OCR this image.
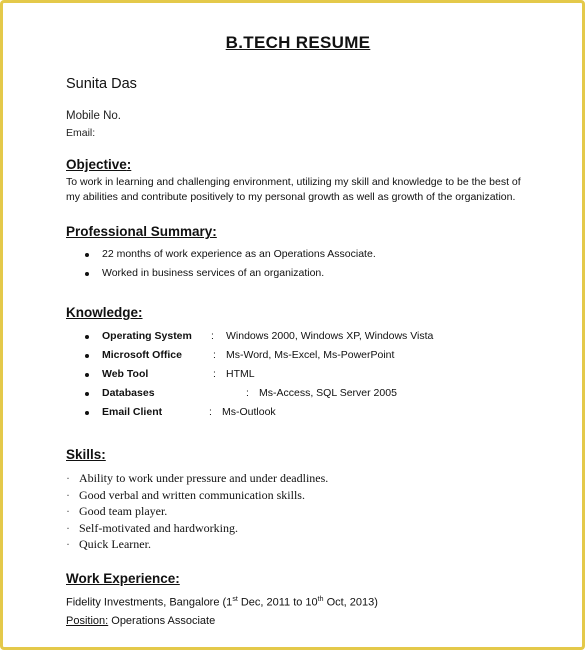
B.TECH RESUME
Sunita Das
Mobile No.
Email:
Objective:
To work in learning and challenging environment, utilizing my skill and knowledge to be the best of
my abilities and contribute positively to my personal growth as well as growth of the organization.
Professional Summary:
22 months of work experience as an Operations Associate.
Worked in business services of an organization.
Knowledge:
Operating System : Windows 2000, Windows XP, Windows Vista
Microsoft Office	: Ms-Word, Ms-Excel, Ms-PowerPoint
Web Tool	: HTML
Databases	: Ms-Access, SQL Server 2005
Email Client	: Ms-Outlook
Skills:
· Ability to work under pressure and under deadlines.
· Good verbal and written communication skills.
· Good team player.
· Self-motivated and hardworking.
· Quick Learner.
Work Experience:
Fidelity Investments, Bangalore (1st Dec, 2011 to 10th Oct, 2013)
Position: Operations Associate
